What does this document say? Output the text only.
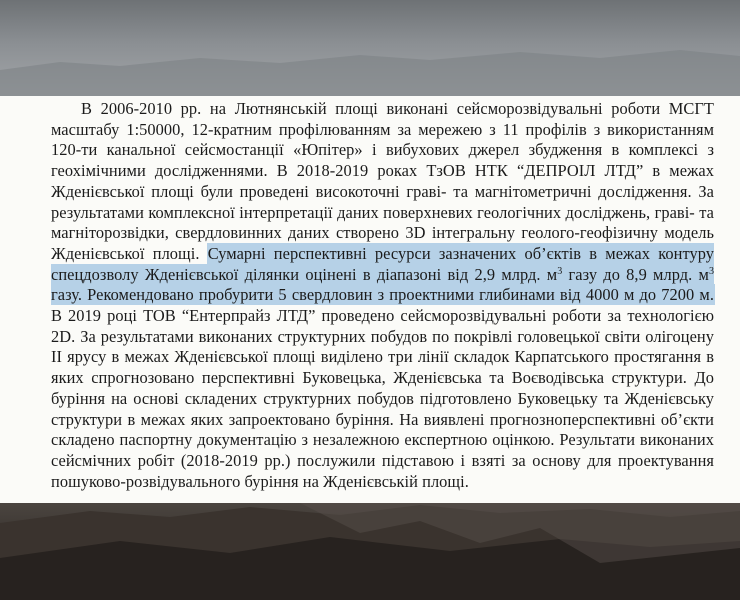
В 2006-2010 рр. на Лютнянській площі виконані сейсморозвідувальні роботи МСГТ масштабу 1:50000, 12-кратним профілюванням за мережею з 11 профілів з використанням 120-ти канальної сейсмостанції «Юпітер» і вибухових джерел збудження в комплексі з геохімічними дослідженнями. В 2018-2019 роках ТзОВ НТК “ДЕПРОІЛ ЛТД” в межах Жденієвської площі були проведені високоточні граві- та магнітометричні дослідження. За результатами комплексної інтерпретації даних поверхневих геологічних досліджень, граві- та магніторозвідки, свердловинних даних створено 3D інтегральну геолого-геофізичну модель Жденієвської площі. Сумарні перспективні ресурси зазначених об’єктів в межах контуру спецдозволу Жденієвської ділянки оцінені в діапазоні від 2,9 млрд. $м^3$ газу до 8,9 млрд. $м^3$ газу. Рекомендовано пробурити 5 свердловин з проектними глибинами від 4000 м до 7200 м. В 2019 році ТОВ “Ентерпрайз ЛТД” проведено сейсморозвідувальні роботи за технологією 2D. За результатами виконаних структурних побудов по покрівлі головецької світи олігоцену ІІ ярусу в межах Жденієвської площі виділено три лінії складок Карпатського простягання в яких спрогнозовано перспективні Буковецька, Жденієвська та Воєводівська структури. До буріння на основі складених структурних побудов підготовлено Буковецьку та Жденієвську структури в межах яких запроектовано буріння. На виявлені прогнозноперспективні об’єкти складено паспортну документацію з незалежною експертною оцінкою. Результати виконаних сейсмічних робіт (2018-2019 рр.) послужили підставою і взяті за основу для проектування пошуково-розвідувального буріння на Жденієвській площі.
